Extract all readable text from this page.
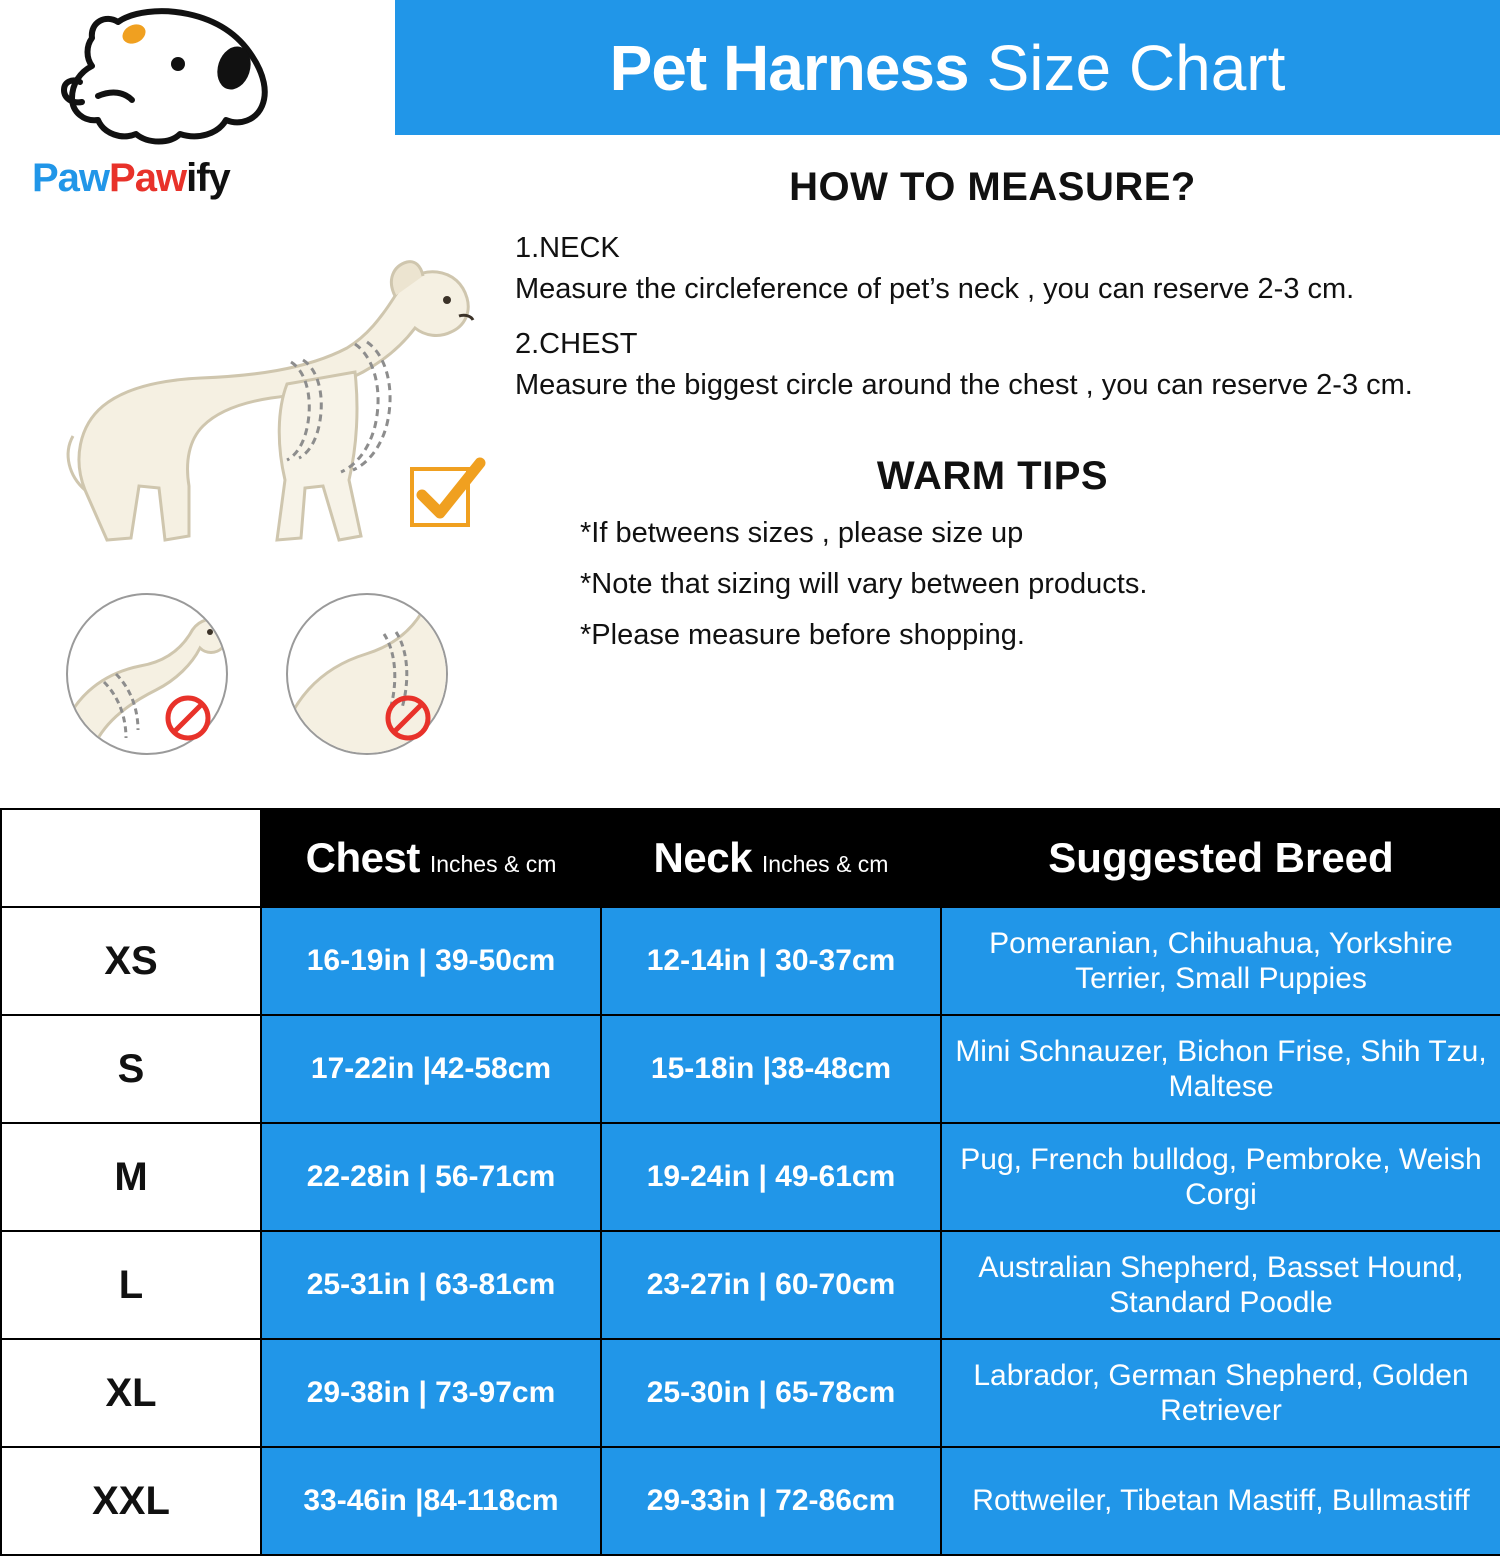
Pet Harness Size Chart
PawPawify	HOW TO MEASURE?
1.NECK
Measure the circleference of pet’s neck , you can reserve 2-3 cm.
2.CHEST
Measure the biggest circle around the chest , you can reserve 2-3 cm.
WARM TIPS
*If betweens sizes , please size up
*Note that sizing will vary between products.
*Please measure before shopping.
	Chest Inches & cm	Neck Inches & cm	Suggested Breed
XS	16-19in | 39-50cm	12-14in | 30-37cm	Pomeranian, Chihuahua, Yorkshire Terrier, Small Puppies
S	17-22in |42-58cm	15-18in |38-48cm	Mini Schnauzer, Bichon Frise, Shih Tzu, Maltese
M	22-28in | 56-71cm	19-24in | 49-61cm	Pug, French bulldog, Pembroke, Weish Corgi
L	25-31in | 63-81cm	23-27in | 60-70cm	Australian Shepherd, Basset Hound, Standard Poodle
XL	29-38in | 73-97cm	25-30in | 65-78cm	Labrador, German Shepherd, Golden Retriever
XXL	33-46in |84-118cm	29-33in | 72-86cm	Rottweiler, Tibetan Mastiff, Bullmastiff
